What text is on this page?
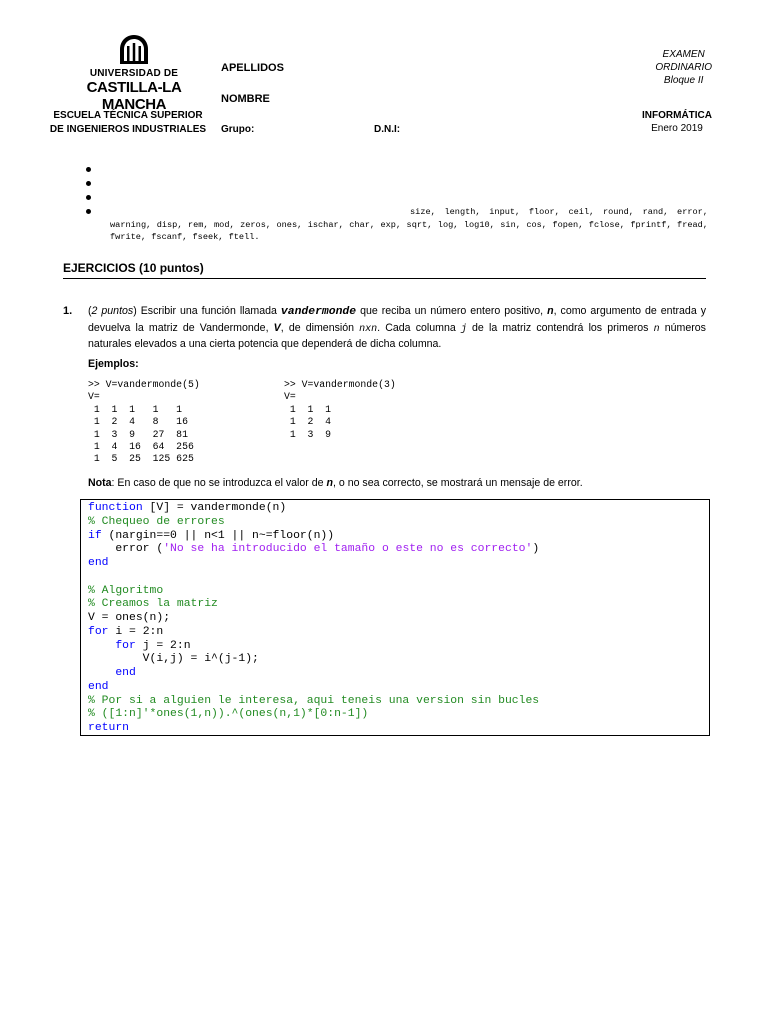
UNIVERSIDAD DE
CASTILLA-LA MANCHA
ESCUELA TÉCNICA SUPERIOR
DE INGENIEROS INDUSTRIALES
APELLIDOS
NOMBRE
Grupo:	D.N.I:
EXAMEN
ORDINARIO
Bloque II
INFORMÁTICA
Enero 2019
size, length, input, floor, ceil, round, rand, error, warning, disp, rem, mod, zeros, ones, ischar, char, exp, sqrt, log, log10, sin, cos, fopen, fclose, fprintf, fread, fwrite, fscanf, fseek, ftell.
EJERCICIOS (10 puntos)
1. (2 puntos) Escribir una función llamada vandermonde que reciba un número entero positivo, n, como argumento de entrada y devuelva la matriz de Vandermonde, V, de dimensión nxn. Cada columna j de la matriz contendrá los primeros n números naturales elevados a una cierta potencia que dependerá de dicha columna.
Ejemplos:
>> V=vandermonde(5)
V=
1  1  1   1   1
1  2  4   8   16
1  3  9   27  81
1  4  16  64  256
1  5  25  125 625
>> V=vandermonde(3)
V=
1  1  1
1  2  4
1  3  9
Nota: En caso de que no se introduzca el valor de n, o no sea correcto, se mostrará un mensaje de error.
function [V] = vandermonde(n)
% Chequeo de errores
if (nargin==0 || n<1 || n~=floor(n))
error ('No se ha introducido el tamaño o este no es correcto')
end
% Algoritmo
% Creamos la matriz
V = ones(n);
for i = 2:n
for j = 2:n
V(i,j) = i^(j-1);
end
end
% Por si a alguien le interesa, aqui teneis una version sin bucles
% ([1:n]'*ones(1,n)).^(ones(n,1)*[0:n-1])
return
